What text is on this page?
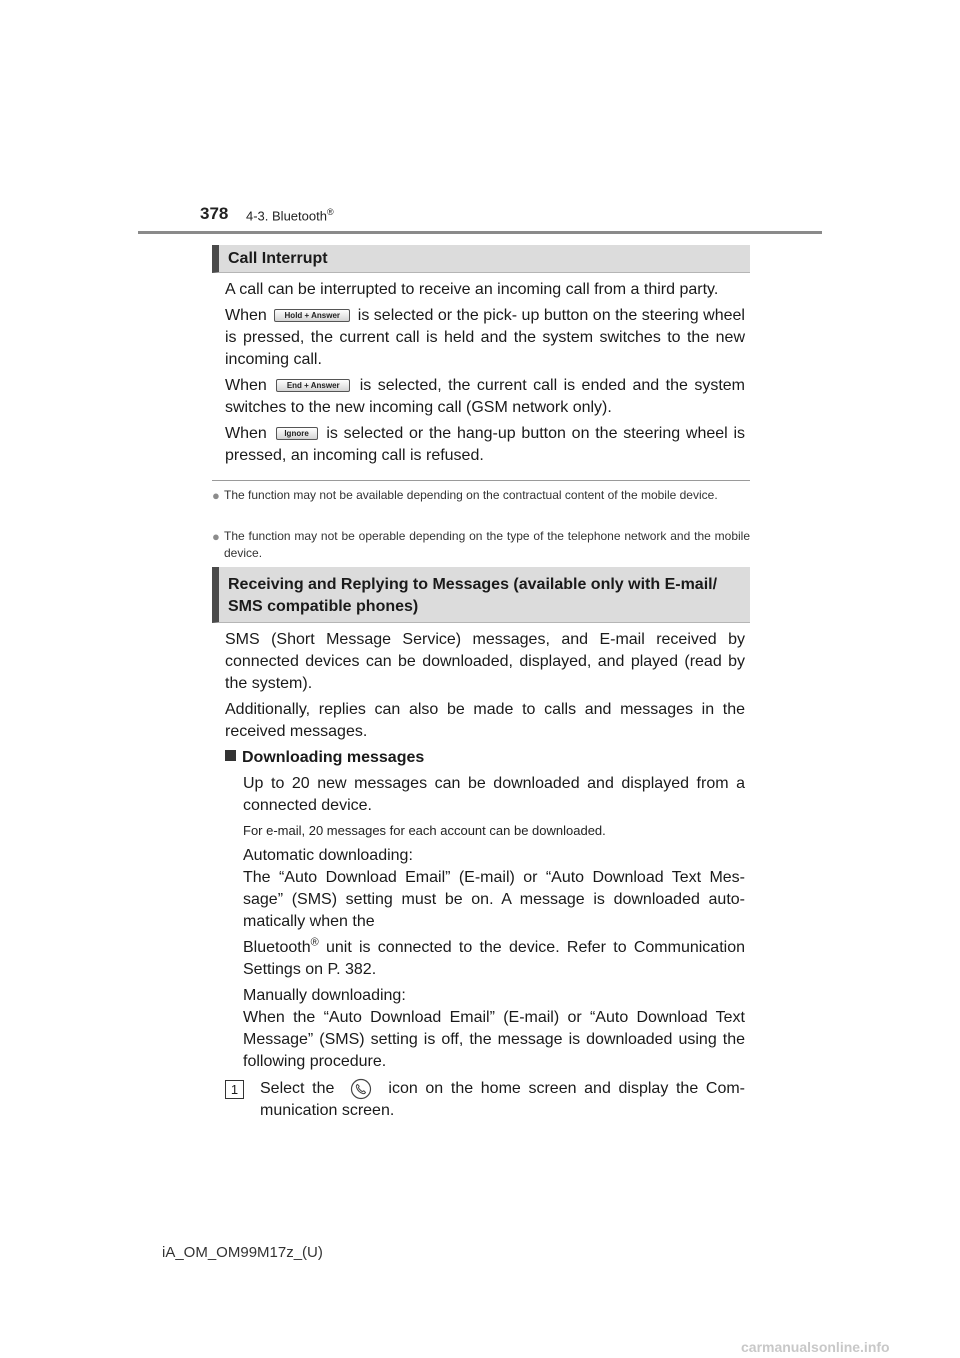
378 4-3. Bluetooth®
Call Interrupt
A call can be interrupted to receive an incoming call from a third party.
When Hold + Answer is selected or the pick- up button on the steering wheel is pressed, the current call is held and the system switches to the new incoming call.
When	End + Answer is selected, the current call is ended and the system switches to the new incoming call (GSM network only).
When Ignore is selected or the hang-up button on the steering wheel is pressed, an incoming call is refused.
● The function may not be available depending on the contractual content of the mobile device.
● The function may not be operable depending on the type of the telephone network and the mobile device.
Receiving and Replying to Messages (available only with E-mail/ SMS compatible phones)
SMS (Short Message Service) messages, and E-mail received by connected devices can be downloaded, displayed, and played (read by the system).
Additionally, replies can also be made to calls and messages in the received messages.
Downloading messages
Up to 20 new messages can be downloaded and displayed from a connected device.
For e-mail, 20 messages for each account can be downloaded.
Automatic downloading:
The “Auto Download Email” (E-mail) or “Auto Download Text Mes- sage” (SMS) setting must be on. A message is downloaded auto- matically when the
Bluetooth® unit is connected to the device. Refer to Communication Settings on P. 382.
Manually downloading:
When the “Auto Download Email” (E-mail) or “Auto Download Text Message” (SMS) setting is off, the message is downloaded using the following procedure.
1	Select the	icon on the home screen and display the Com- munication screen.
iA_OM_OM99M17z_(U)
carmanualsonline.info
